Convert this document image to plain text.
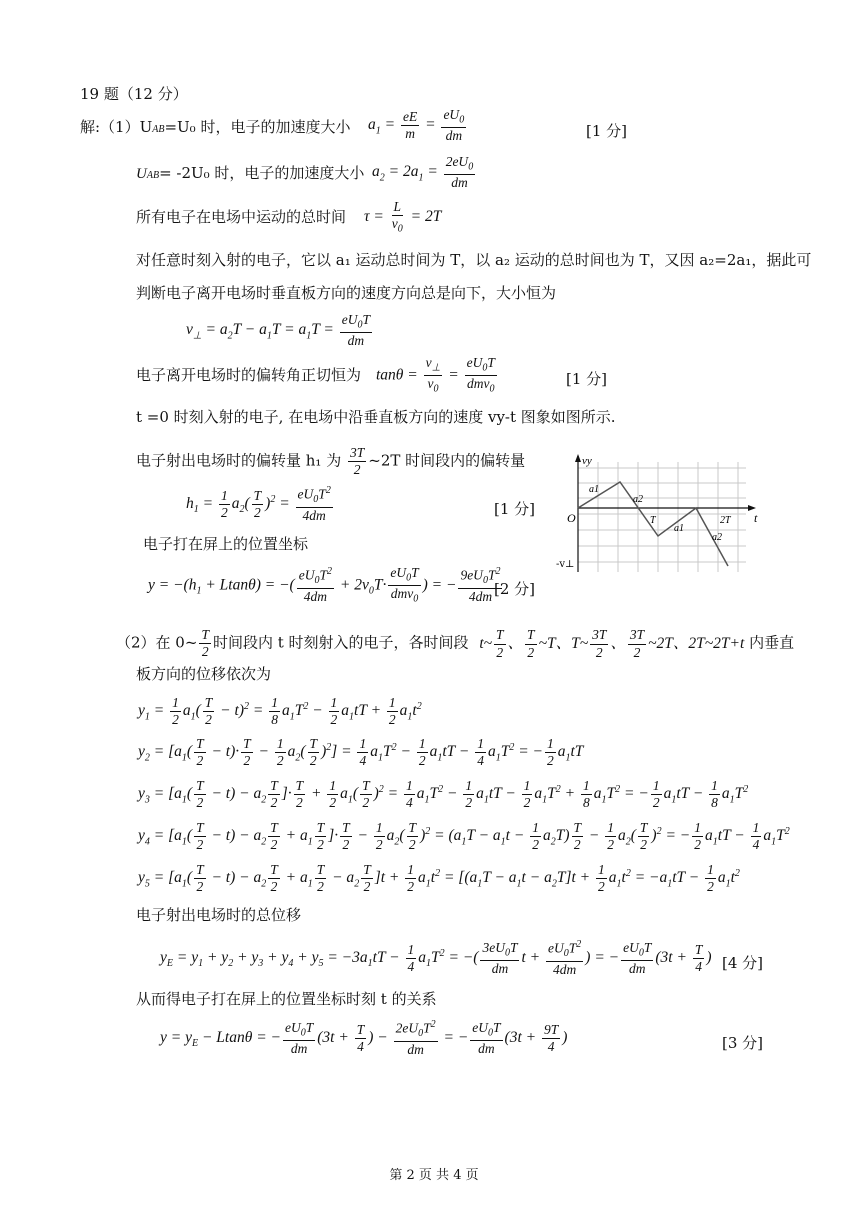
19 题（12 分）
解:（1）UAB=U₀ 时，电子的加速度大小 $a_1 = \frac{eE}{m} = \frac{eU_0}{dm}$	[1 分]
UAB= -2U₀ 时，电子的加速度大小 $a_2 = 2a_1 = \frac{2eU_0}{dm}$
所有电子在电场中运动的总时间 $\tau = \frac{L}{v_0} = 2T$
对任意时刻入射的电子，它以 a₁ 运动总时间为 T，以 a₂ 运动的总时间也为 T，又因 a₂=2a₁，据此可
判断电子离开电场时垂直板方向的速度方向总是向下，大小恒为
$v_\perp = a_2T - a_1T = a_1T = \frac{eU_0T}{dm}$
电子离开电场时的偏转角正切恒为 $\tan\theta = \frac{v_\perp}{v_0} = \frac{eU_0T}{dmv_0}$	[1 分]
t =0 时刻入射的电子, 在电场中沿垂直板方向的速度 vy-t 图象如图所示.
电子射出电场时的偏转量 h₁ 为 $\frac{3T}{2}$ ~2T 时间段内的偏转量
$h_1 = \frac{1}{2} a_2( \frac{T}{2} )^2 = \frac{eU_0T^2}{4dm}$	[1 分]
电子打在屏上的位置坐标
$y = -(h_1 + Ltan\theta)$ = −( $\frac{eU_0T^2}{4dm} + 2v_0T\cdot \frac{eU_0T}{dmv_0}$ ) = − $\frac{9eU_0T^2}{4dm}$
[2 分]
vy
t
O
a1
a2
T
a1
2T
a2
-v⊥
（2）在 0~ $\frac{T}{2}$ 时间段内 t 时刻射入的电子，各时间段 t~ $\frac{T}{2}$ 、 $\frac{T}{2}$ ~T、T~ $\frac{3T}{2}$ 、 $\frac{3T}{2}$ ~2T、2T~2T+t 内垂直
板方向的位移依次为
$y_1 = \frac{1}{2} a_1( \frac{T}{2} - t)^2 = \frac{1}{8} a_1T^2 - \frac{1}{2} a_1tT + \frac{1}{2} a_1t^2$
$y_2 = [a_1( \frac{T}{2} - t)\cdot \frac{T}{2} - \frac{1}{2} a_2( \frac{T}{2} )^2] = \frac{1}{4} a_1T^2 - \frac{1}{2} a_1tT - \frac{1}{4} a_1T^2$ = − $\frac{1}{2} a_1tT$
$y_3 = [a_1( \frac{T}{2} - t) - a_2 \frac{T}{2}$ ]· $\frac{T}{2} + \frac{1}{2} a_1( \frac{T}{2} )^2 = \frac{1}{4} a_1T^2 - \frac{1}{2} a_1tT - \frac{1}{2} a_1T^2 + \frac{1}{8} a_1T^2$ = − $\frac{1}{2} a_1tT - \frac{1}{8} a_1T^2$
$y_4 = [a_1( \frac{T}{2} - t) - a_2 \frac{T}{2} + a_1 \frac{T}{2}$ ]· $\frac{T}{2} - \frac{1}{2} a_2( \frac{T}{2} )^2 = (a_1T - a_1t - \frac{1}{2} a_2T) \frac{T}{2} - \frac{1}{2} a_2( \frac{T}{2} )^2$ = − $\frac{1}{2} a_1tT - \frac{1}{4} a_1T^2$
$y_5 = [a_1( \frac{T}{2} - t) - a_2 \frac{T}{2} + a_1 \frac{T}{2} - a_2 \frac{T}{2} ]t + \frac{1}{2} a_1t^2 = [(a_1T - a_1t - a_2T]t + \frac{1}{2} a_1t^2 = -a_1tT - \frac{1}{2} a_1t^2$
电子射出电场时的总位移
$y_E = y_1 + y_2 + y_3 + y_4 + y_5 = -3a_1tT - \frac{1}{4} a_1T^2$ = −( $\frac{3eU_0T}{dm}$ $t + \frac{eU_0T^2}{4dm}$ ) = − $\frac{eU_0T}{dm} (3t + \frac{T}{4}$ ) [4 分]
从而得电子打在屏上的位置坐标时刻 t 的关系
$y = y_E - Ltan\theta$ = − $\frac{eU_0T}{dm} (3t + \frac{T}{4}$ ) − $\frac{2eU_0T^2}{dm}$ = − $\frac{eU_0T}{dm} (3t + \frac{9T}{4}$ )	[3 分]
第 2 页 共 4 页
